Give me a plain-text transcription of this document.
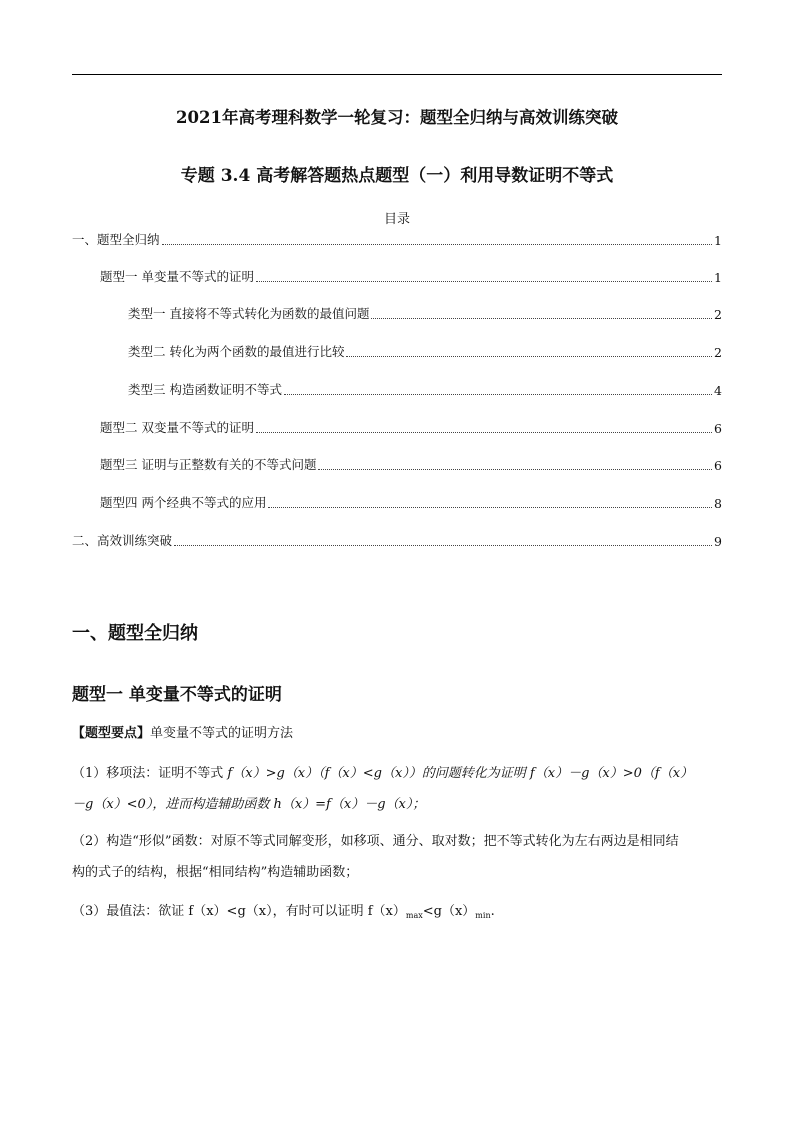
2021年高考理科数学一轮复习：题型全归纳与高效训练突破
专题 3.4 高考解答题热点题型（一）利用导数证明不等式
目录
一、题型全归纳	1
题型一 单变量不等式的证明	1
类型一 直接将不等式转化为函数的最值问题	2
类型二 转化为两个函数的最值进行比较	2
类型三 构造函数证明不等式	4
题型二 双变量不等式的证明	6
题型三 证明与正整数有关的不等式问题	6
题型四 两个经典不等式的应用	8
二、高效训练突破	9
一、题型全归纳
题型一 单变量不等式的证明
【题型要点】单变量不等式的证明方法
（1）移项法：证明不等式 f（x）>g（x）（f（x）<g（x））的问题转化为证明 f（x）－g（x）>0（f（x）
－g（x）<0），进而构造辅助函数 h（x）=f（x）－g（x）；
（2）构造“形似”函数：对原不等式同解变形，如移项、通分、取对数；把不等式转化为左右两边是相同结
构的式子的结构，根据“相同结构”构造辅助函数；
（3）最值法：欲证 f（x）<g（x），有时可以证明 $f(x)_{max}<g(x)_{min}$.
